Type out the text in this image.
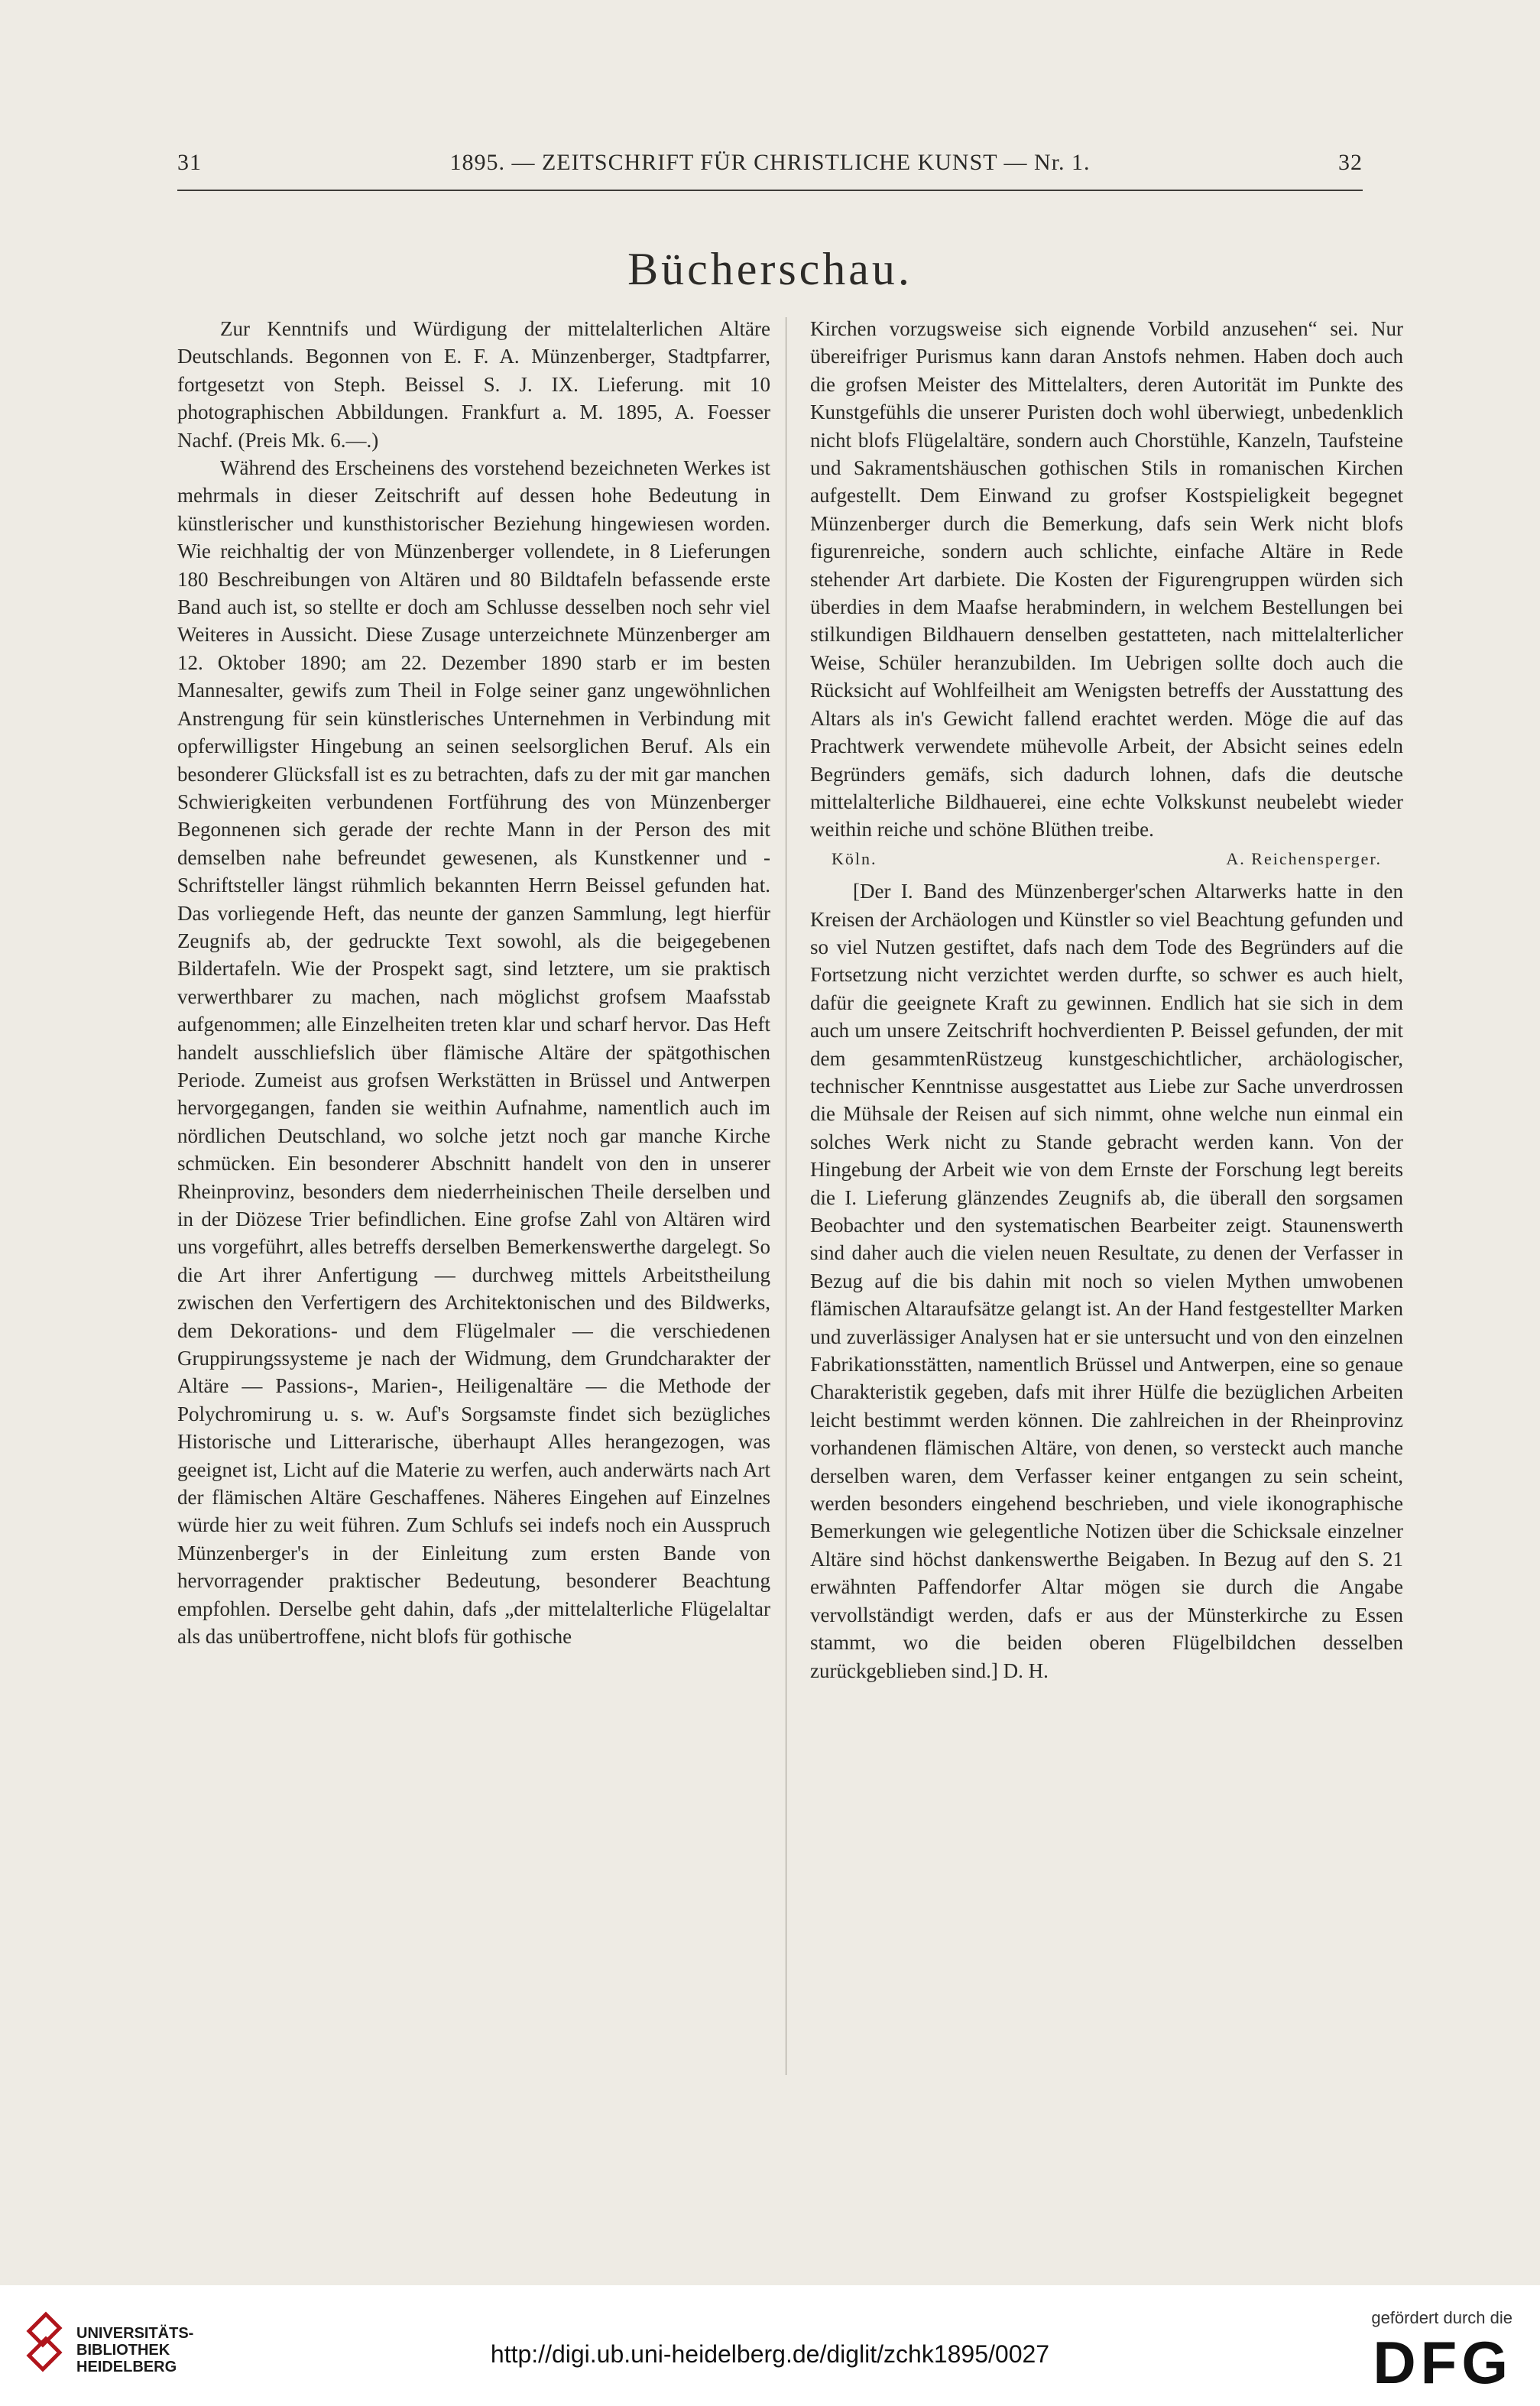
31	1895. — ZEITSCHRIFT FÜR CHRISTLICHE KUNST — Nr. 1.	32
Bücherschau.

Zur Kenntnifs und Würdigung der mittelalterlichen Altäre Deutschlands. Begonnen von E. F. A. Münzenberger, Stadtpfarrer, fortgesetzt von Steph. Beissel S. J. IX. Lieferung. mit 10 photographischen Abbildungen. Frankfurt a. M. 1895, A. Foesser Nachf. (Preis Mk. 6.—.)

Während des Erscheinens des vorstehend bezeichneten Werkes ist mehrmals in dieser Zeitschrift auf dessen hohe Bedeutung in künstlerischer und kunsthistorischer Beziehung hingewiesen worden. Wie reichhaltig der von Münzenberger vollendete, in 8 Lieferungen 180 Beschreibungen von Altären und 80 Bildtafeln befassende erste Band auch ist, so stellte er doch am Schlusse desselben noch sehr viel Weiteres in Aussicht. Diese Zusage unterzeichnete Münzenberger am 12. Oktober 1890; am 22. Dezember 1890 starb er im besten Mannesalter, gewifs zum Theil in Folge seiner ganz ungewöhnlichen Anstrengung für sein künstlerisches Unternehmen in Verbindung mit opferwilligster Hingebung an seinen seelsorglichen Beruf. Als ein besonderer Glücksfall ist es zu betrachten, dafs zu der mit gar manchen Schwierigkeiten verbundenen Fortführung des von Münzenberger Begonnenen sich gerade der rechte Mann in der Person des mit demselben nahe befreundet gewesenen, als Kunstkenner und -Schriftsteller längst rühmlich bekannten Herrn Beissel gefunden hat. Das vorliegende Heft, das neunte der ganzen Sammlung, legt hierfür Zeugnifs ab, der gedruckte Text sowohl, als die beigegebenen Bildertafeln. Wie der Prospekt sagt, sind letztere, um sie praktisch verwerthbarer zu machen, nach möglichst grofsem Maafsstab aufgenommen; alle Einzelheiten treten klar und scharf hervor. Das Heft handelt ausschliefslich über flämische Altäre der spätgothischen Periode. Zumeist aus grofsen Werkstätten in Brüssel und Antwerpen hervorgegangen, fanden sie weithin Aufnahme, namentlich auch im nördlichen Deutschland, wo solche jetzt noch gar manche Kirche schmücken. Ein besonderer Abschnitt handelt von den in unserer Rheinprovinz, besonders dem niederrheinischen Theile derselben und in der Diözese Trier befindlichen. Eine grofse Zahl von Altären wird uns vorgeführt, alles betreffs derselben Bemerkenswerthe dargelegt. So die Art ihrer Anfertigung — durchweg mittels Arbeitstheilung zwischen den Verfertigern des Architektonischen und des Bildwerks, dem Dekorations- und dem Flügelmaler — die verschiedenen Gruppirungssysteme je nach der Widmung, dem Grundcharakter der Altäre — Passions-, Marien-, Heiligenaltäre — die Methode der Polychromirung u. s. w. Auf's Sorgsamste findet sich bezügliches Historische und Litterarische, überhaupt Alles herangezogen, was geeignet ist, Licht auf die Materie zu werfen, auch anderwärts nach Art der flämischen Altäre Geschaffenes. Näheres Eingehen auf Einzelnes würde hier zu weit führen. Zum Schlufs sei indefs noch ein Ausspruch Münzenberger's in der Einleitung zum ersten Bande von hervorragender praktischer Bedeutung, besonderer Beachtung empfohlen. Derselbe geht dahin, dafs „der mittelalterliche Flügelaltar als das unübertroffene, nicht blofs für gothische

Kirchen vorzugsweise sich eignende Vorbild anzusehen“ sei. Nur übereifriger Purismus kann daran Anstofs nehmen. Haben doch auch die grofsen Meister des Mittelalters, deren Autorität im Punkte des Kunstgefühls die unserer Puristen doch wohl überwiegt, unbedenklich nicht blofs Flügelaltäre, sondern auch Chorstühle, Kanzeln, Taufsteine und Sakramentshäuschen gothischen Stils in romanischen Kirchen aufgestellt. Dem Einwand zu grofser Kostspieligkeit begegnet Münzenberger durch die Bemerkung, dafs sein Werk nicht blofs figurenreiche, sondern auch schlichte, einfache Altäre in Rede stehender Art darbiete. Die Kosten der Figurengruppen würden sich überdies in dem Maafse herabmindern, in welchem Bestellungen bei stilkundigen Bildhauern denselben gestatteten, nach mittelalterlicher Weise, Schüler heranzubilden. Im Uebrigen sollte doch auch die Rücksicht auf Wohlfeilheit am Wenigsten betreffs der Ausstattung des Altars als in's Gewicht fallend erachtet werden. Möge die auf das Prachtwerk verwendete mühevolle Arbeit, der Absicht seines edeln Begründers gemäfs, sich dadurch lohnen, dafs die deutsche mittelalterliche Bildhauerei, eine echte Volkskunst neubelebt wieder weithin reiche und schöne Blüthen treibe.

Köln.	A. Reichensperger.

[Der I. Band des Münzenberger'schen Altarwerks hatte in den Kreisen der Archäologen und Künstler so viel Beachtung gefunden und so viel Nutzen gestiftet, dafs nach dem Tode des Begründers auf die Fortsetzung nicht verzichtet werden durfte, so schwer es auch hielt, dafür die geeignete Kraft zu gewinnen. Endlich hat sie sich in dem auch um unsere Zeitschrift hochverdienten P. Beissel gefunden, der mit dem gesammtenRüstzeug kunstgeschichtlicher, archäologischer, technischer Kenntnisse ausgestattet aus Liebe zur Sache unverdrossen die Mühsale der Reisen auf sich nimmt, ohne welche nun einmal ein solches Werk nicht zu Stande gebracht werden kann. Von der Hingebung der Arbeit wie von dem Ernste der Forschung legt bereits die I. Lieferung glänzendes Zeugnifs ab, die überall den sorgsamen Beobachter und den systematischen Bearbeiter zeigt. Staunenswerth sind daher auch die vielen neuen Resultate, zu denen der Verfasser in Bezug auf die bis dahin mit noch so vielen Mythen umwobenen flämischen Altaraufsätze gelangt ist. An der Hand festgestellter Marken und zuverlässiger Analysen hat er sie untersucht und von den einzelnen Fabrikationsstätten, namentlich Brüssel und Antwerpen, eine so genaue Charakteristik gegeben, dafs mit ihrer Hülfe die bezüglichen Arbeiten leicht bestimmt werden können. Die zahlreichen in der Rheinprovinz vorhandenen flämischen Altäre, von denen, so versteckt auch manche derselben waren, dem Verfasser keiner entgangen zu sein scheint, werden besonders eingehend beschrieben, und viele ikonographische Bemerkungen wie gelegentliche Notizen über die Schicksale einzelner Altäre sind höchst dankenswerthe Beigaben. In Bezug auf den S. 21 erwähnten Paffendorfer Altar mögen sie durch die Angabe vervollständigt werden, dafs er aus der Münsterkirche zu Essen stammt, wo die beiden oberen Flügelbildchen desselben zurückgeblieben sind.] D. H.

UNIVERSITÄTS-
BIBLIOTHEK
HEIDELBERG	http://digi.ub.uni-heidelberg.de/diglit/zchk1895/0027
gefördert durch die
DFG
